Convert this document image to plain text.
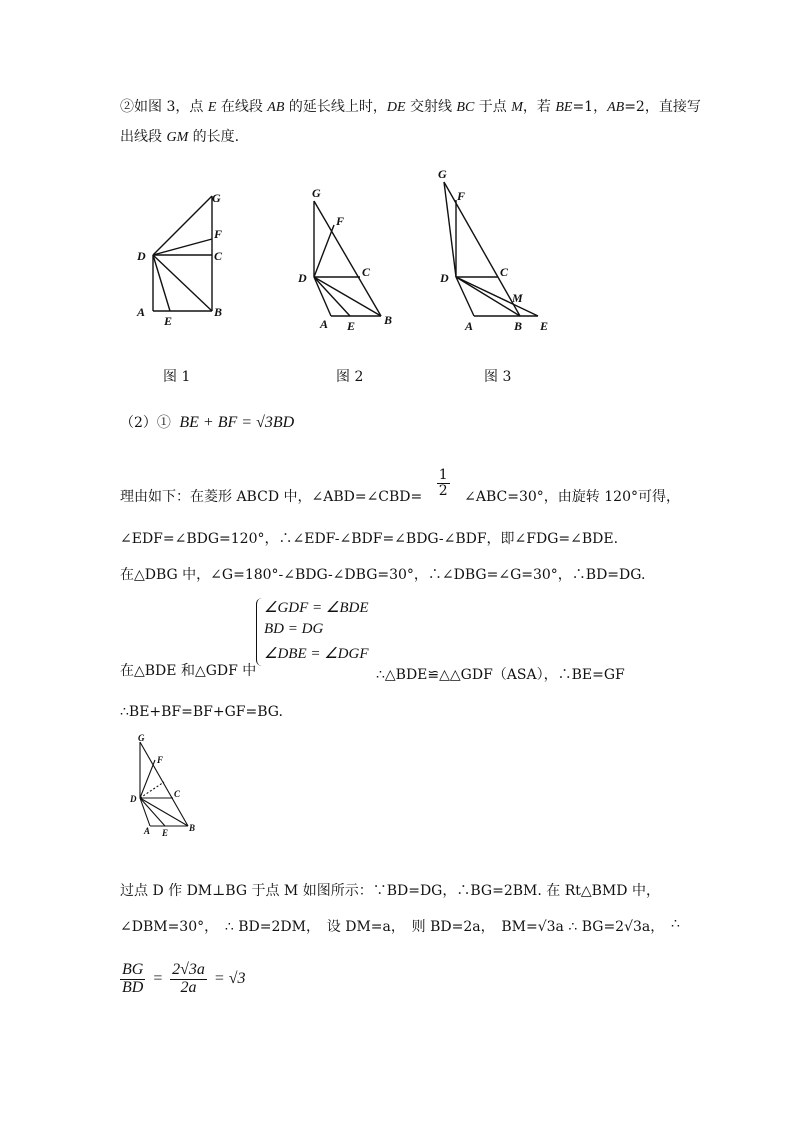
②如图 3，点 E 在线段 AB 的延长线上时，DE 交射线 BC 于点 M，若 BE=1，AB=2，直接写
出线段 GM 的长度.
G
F
C
D
A
E
B
G
F
C
D
A E B
G
F
C
D
M
A	B E
图 1	图 2	图 3
（2）① BE + BF = √3BD
理由如下：在菱形 ABCD 中，∠ABD=∠CBD= $\frac{1}{2}$ ∠ABC=30°，由旋转 120°可得，
∠EDF=∠BDG=120°，∴∠EDF-∠BDF=∠BDG-∠BDF，即∠FDG=∠BDE.
在△DBG 中，∠G=180°-∠BDG-∠DBG=30°，∴∠DBG=∠G=30°，∴BD=DG.
∠GDF = ∠BDE
BD = DG
∠DBE = ∠DGF
在△BDE 和△GDF 中	∴△BDE≌△△GDF（ASA），∴BE=GF
∴BE+BF=BF+GF=BG.
G
F
C
D
A E B
过点 D 作 DM⊥BG 于点 M 如图所示：∵BD=DG，∴BG=2BM. 在 Rt△BMD 中，
∠DBM=30°， ∴ BD=2DM， 设 DM=a， 则 BD=2a， BM=√3a ∴ BG=2√3a， ∴
$\frac{BG}{BD} = \frac{2√3a}{2a} = √3$
